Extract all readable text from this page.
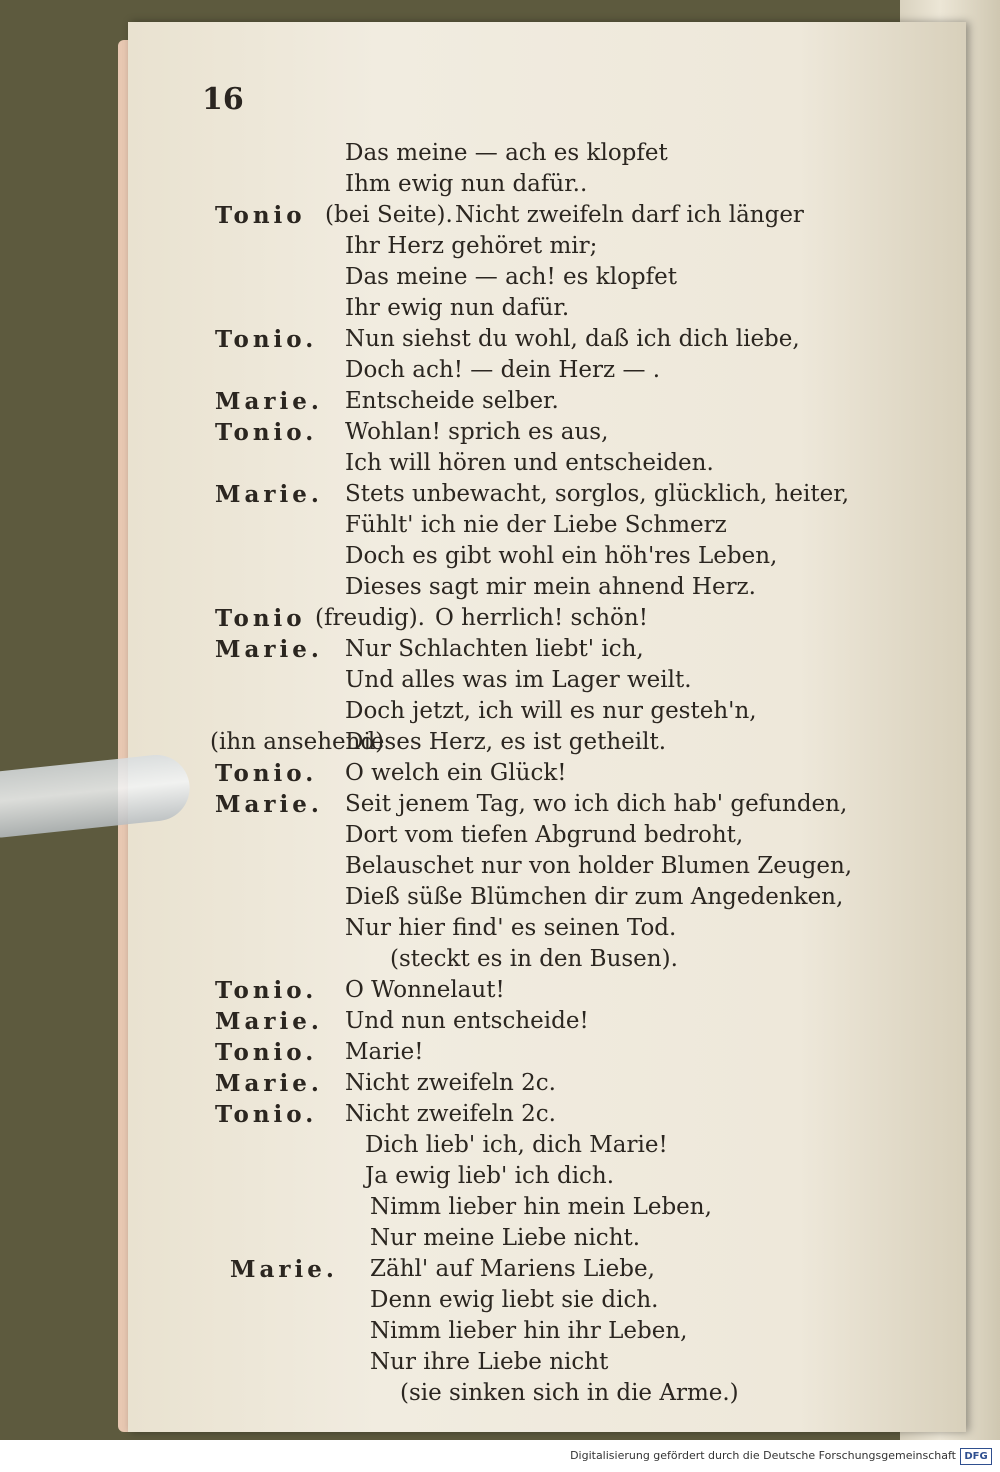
16
Das meine — ach es klopfet
Ihm ewig nun dafür..
Tonio (bei Seite). Nicht zweifeln darf ich länger
Ihr Herz gehöret mir;
Das meine — ach! es klopfet
Ihr ewig nun dafür.
Tonio. Nun siehst du wohl, daß ich dich liebe,
Doch ach! — dein Herz — .
Marie. Entscheide selber.
Tonio. Wohlan! sprich es aus,
Ich will hören und entscheiden.
Marie. Stets unbewacht, sorglos, glücklich, heiter,
Fühlt' ich nie der Liebe Schmerz
Doch es gibt wohl ein höh'res Leben,
Dieses sagt mir mein ahnend Herz.
Tonio (freudig). O herrlich! schön!
Marie. Nur Schlachten liebt' ich,
Und alles was im Lager weilt.
Doch jetzt, ich will es nur gesteh'n,
(ihn ansehend)
Dieses Herz, es ist getheilt.
Tonio. O welch ein Glück!
Marie. Seit jenem Tag, wo ich dich hab' gefunden,
Dort vom tiefen Abgrund bedroht,
Belauschet nur von holder Blumen Zeugen,
Dieß süße Blümchen dir zum Angedenken,
Nur hier find' es seinen Tod.
(steckt es in den Busen).
Tonio. O Wonnelaut!
Marie. Und nun entscheide!
Tonio. Marie!
Marie. Nicht zweifeln 2c.
Tonio. Nicht zweifeln 2c.
Dich lieb' ich, dich Marie!
Ja ewig lieb' ich dich.
Nimm lieber hin mein Leben,
Nur meine Liebe nicht.
Marie. Zähl' auf Mariens Liebe,
Denn ewig liebt sie dich.
Nimm lieber hin ihr Leben,
Nur ihre Liebe nicht
(sie sinken sich in die Arme.)
Digitalisierung gefördert durch die Deutsche Forschungsgemeinschaft DFG
